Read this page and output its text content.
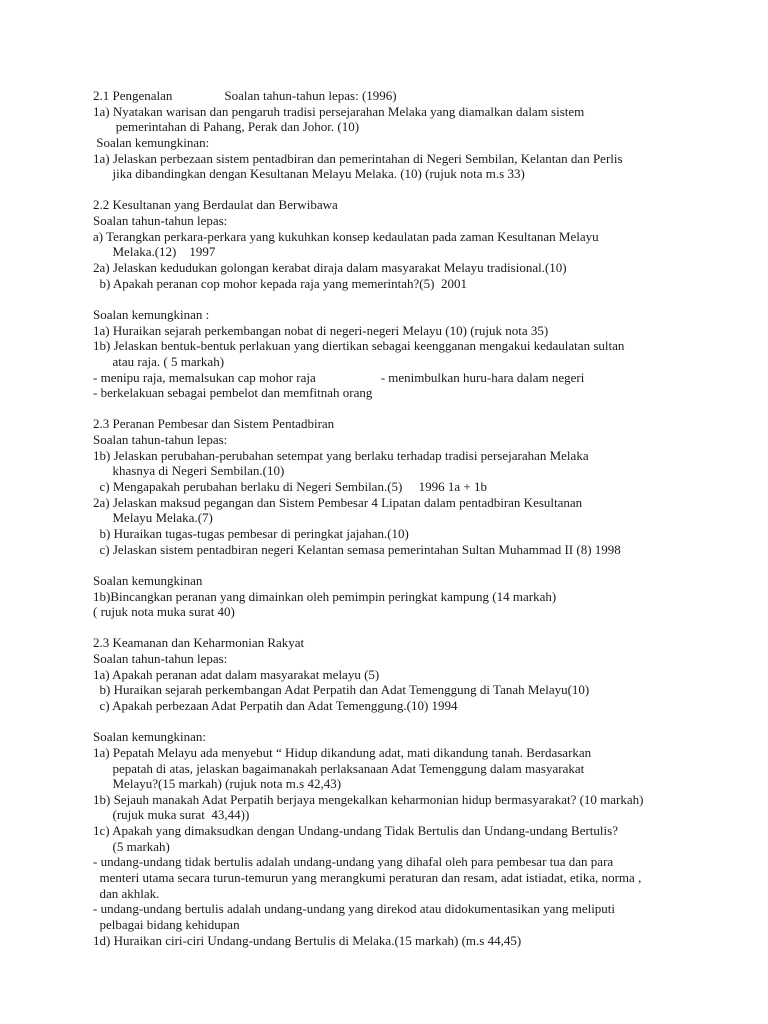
2.1 Pengenalan                Soalan tahun-tahun lepas: (1996)
1a) Nyatakan warisan dan pengaruh tradisi persejarahan Melaka yang diamalkan dalam sistem
pemerintahan di Pahang, Perak dan Johor. (10)
Soalan kemungkinan:
1a) Jelaskan perbezaan sistem pentadbiran dan pemerintahan di Negeri Sembilan, Kelantan dan Perlis
jika dibandingkan dengan Kesultanan Melayu Melaka. (10) (rujuk nota m.s 33)
2.2 Kesultanan yang Berdaulat dan Berwibawa
Soalan tahun-tahun lepas:
a) Terangkan perkara-perkara yang kukuhkan konsep kedaulatan pada zaman Kesultanan Melayu
Melaka.(12)    1997
2a) Jelaskan kedudukan golongan kerabat diraja dalam masyarakat Melayu tradisional.(10)
b) Apakah peranan cop mohor kepada raja yang memerintah?(5)  2001
Soalan kemungkinan :
1a) Huraikan sejarah perkembangan nobat di negeri-negeri Melayu (10) (rujuk nota 35)
1b) Jelaskan bentuk-bentuk perlakuan yang diertikan sebagai keengganan mengakui kedaulatan sultan
atau raja. ( 5 markah)
- menipu raja, memalsukan cap mohor raja                    - menimbulkan huru-hara dalam negeri
- berkelakuan sebagai pembelot dan memfitnah orang
2.3 Peranan Pembesar dan Sistem Pentadbiran
Soalan tahun-tahun lepas:
1b) Jelaskan perubahan-perubahan setempat yang berlaku terhadap tradisi persejarahan Melaka
khasnya di Negeri Sembilan.(10)
c) Mengapakah perubahan berlaku di Negeri Sembilan.(5)     1996 1a + 1b
2a) Jelaskan maksud pegangan dan Sistem Pembesar 4 Lipatan dalam pentadbiran Kesultanan
Melayu Melaka.(7)
b) Huraikan tugas-tugas pembesar di peringkat jajahan.(10)
c) Jelaskan sistem pentadbiran negeri Kelantan semasa pemerintahan Sultan Muhammad II (8) 1998
Soalan kemungkinan
1b)Bincangkan peranan yang dimainkan oleh pemimpin peringkat kampung (14 markah)
( rujuk nota muka surat 40)
2.3 Keamanan dan Keharmonian Rakyat
Soalan tahun-tahun lepas:
1a) Apakah peranan adat dalam masyarakat melayu (5)
b) Huraikan sejarah perkembangan Adat Perpatih dan Adat Temenggung di Tanah Melayu(10)
c) Apakah perbezaan Adat Perpatih dan Adat Temenggung.(10) 1994
Soalan kemungkinan:
1a) Pepatah Melayu ada menyebut “ Hidup dikandung adat, mati dikandung tanah. Berdasarkan
pepatah di atas, jelaskan bagaimanakah perlaksanaan Adat Temenggung dalam masyarakat
Melayu?(15 markah) (rujuk nota m.s 42,43)
1b) Sejauh manakah Adat Perpatih berjaya mengekalkan keharmonian hidup bermasyarakat? (10 markah)
(rujuk muka surat  43,44))
1c) Apakah yang dimaksudkan dengan Undang-undang Tidak Bertulis dan Undang-undang Bertulis?
(5 markah)
- undang-undang tidak bertulis adalah undang-undang yang dihafal oleh para pembesar tua dan para
menteri utama secara turun-temurun yang merangkumi peraturan dan resam, adat istiadat, etika, norma ,
dan akhlak.
- undang-undang bertulis adalah undang-undang yang direkod atau didokumentasikan yang meliputi
pelbagai bidang kehidupan
1d) Huraikan ciri-ciri Undang-undang Bertulis di Melaka.(15 markah) (m.s 44,45)
